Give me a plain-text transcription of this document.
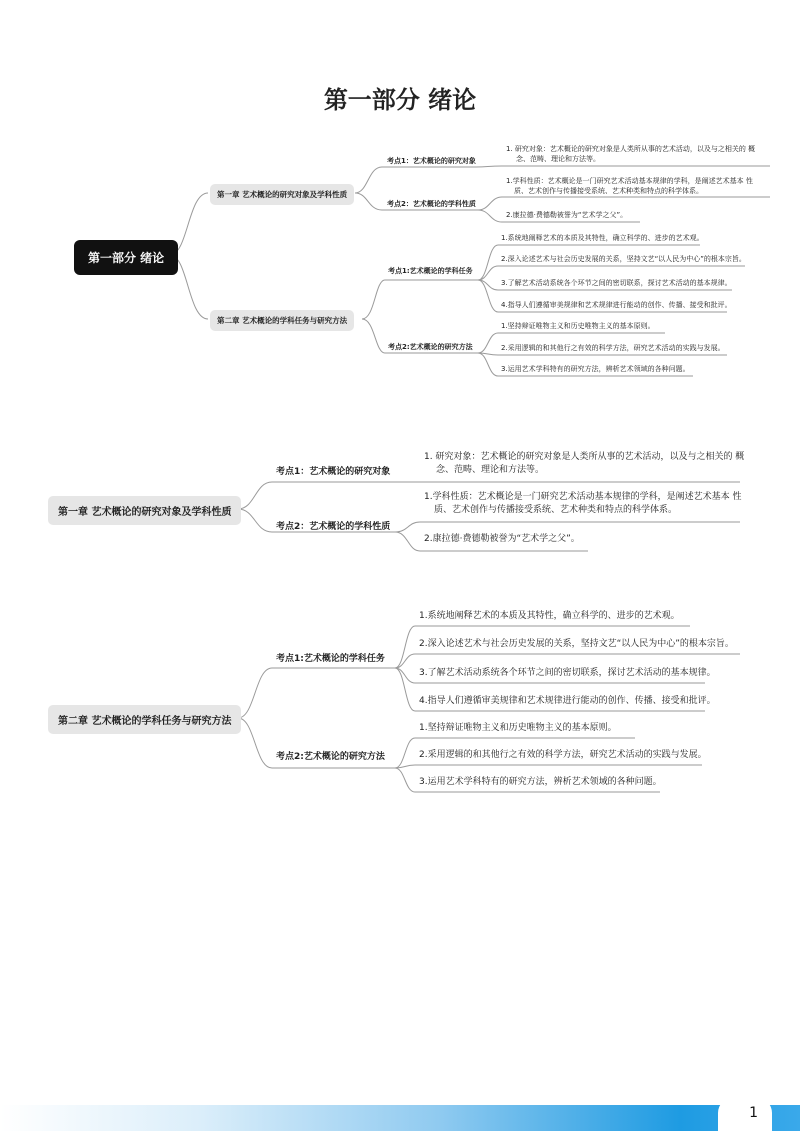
第一部分 绪论
第一部分 绪论
第一章 艺术概论的研究对象及学科性质
考点1：艺术概论的研究对象
1. 研究对象：艺术概论的研究对象是人类所从事的艺术活动，以及与之相关的 概
念、范畴、理论和方法等。
考点2：艺术概论的学科性质
1.学科性质：艺术概论是一门研究艺术活动基本规律的学科，是阐述艺术基本 性
质、艺术创作与传播接受系统、艺术种类和特点的科学体系。
2.康拉德·费德勒被誉为“艺术学之父”。
第二章 艺术概论的学科任务与研究方法
考点1:艺术概论的学科任务
1.系统地阐释艺术的本质及其特性，确立科学的、进步的艺术观。
2.深入论述艺术与社会历史发展的关系，坚持文艺“以人民为中心”的根本宗旨。
3.了解艺术活动系统各个环节之间的密切联系，探讨艺术活动的基本规律。
4.指导人们遵循审美规律和艺术规律进行能动的创作、传播、接受和批评。
考点2:艺术概论的研究方法
1.坚持辩证唯物主义和历史唯物主义的基本原则。
2.采用逻辑的和其他行之有效的科学方法，研究艺术活动的实践与发展。
3.运用艺术学科特有的研究方法，辨析艺术领域的各种问题。
第一章 艺术概论的研究对象及学科性质
考点1：艺术概论的研究对象
1. 研究对象：艺术概论的研究对象是人类所从事的艺术活动，以及与之相关的 概
念、范畴、理论和方法等。
考点2：艺术概论的学科性质
1.学科性质：艺术概论是一门研究艺术活动基本规律的学科，是阐述艺术基本 性
质、艺术创作与传播接受系统、艺术种类和特点的科学体系。
2.康拉德·费德勒被誉为“艺术学之父”。
第二章 艺术概论的学科任务与研究方法
考点1:艺术概论的学科任务
1.系统地阐释艺术的本质及其特性，确立科学的、进步的艺术观。
2.深入论述艺术与社会历史发展的关系，坚持文艺“以人民为中心”的根本宗旨。
3.了解艺术活动系统各个环节之间的密切联系，探讨艺术活动的基本规律。
4.指导人们遵循审美规律和艺术规律进行能动的创作、传播、接受和批评。
考点2:艺术概论的研究方法
1.坚持辩证唯物主义和历史唯物主义的基本原则。
2.采用逻辑的和其他行之有效的科学方法，研究艺术活动的实践与发展。
3.运用艺术学科特有的研究方法，辨析艺术领域的各种问题。
1
